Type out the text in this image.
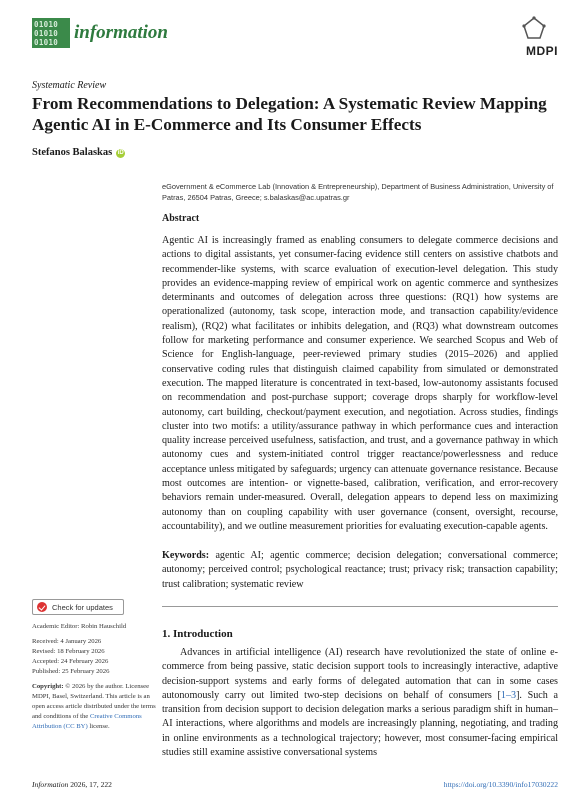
01010
01010
01010 information
MDPI
Systematic Review
From Recommendations to Delegation: A Systematic Review Mapping Agentic AI in E-Commerce and Its Consumer Effects
Stefanos Balaskas iD
eGovernment & eCommerce Lab (Innovation & Entrepreneurship), Department of Business Administration, University of Patras, 26504 Patras, Greece; s.balaskas@ac.upatras.gr
Abstract
Agentic AI is increasingly framed as enabling consumers to delegate commerce decisions and actions to digital assistants, yet consumer-facing evidence still centers on assistive chatbots and recommender-like systems, with scarce evaluation of execution-level delegation. This study provides an evidence-mapping review of empirical work on agentic commerce and synthesizes determinants and outcomes of delegation across three questions: (RQ1) how systems are operationalized (autonomy, task scope, interaction mode, and transaction capability/evidence realism), (RQ2) what facilitates or inhibits delegation, and (RQ3) what downstream outcomes follow for marketing performance and consumer experience. We searched Scopus and Web of Science for English-language, peer-reviewed primary studies (2015–2026) and applied conservative coding rules that distinguish claimed capability from simulated or demonstrated execution. The mapped literature is concentrated in text-based, low-autonomy assistants focused on recommendation and post-purchase support; coverage drops sharply for workflow-level autonomy, cart building, checkout/payment execution, and negotiation. Across studies, findings cluster into two motifs: a utility/assurance pathway in which performance cues and interaction quality increase perceived usefulness, satisfaction, and trust, and a governance pathway in which autonomy cues and system-initiated control trigger reactance/powerlessness and reduce acceptance unless mitigated by safeguards; urgency can attenuate governance resistance. Because most outcomes are intention- or vignette-based, calibration, verification, and error-recovery behaviors remain under-measured. Overall, delegation appears to depend less on maximizing autonomy than on coupling capability with user governance (consent, oversight, recourse, accountability), and we outline measurement priorities for evaluating execution-capable agents.
Keywords: agentic AI; agentic commerce; decision delegation; conversational commerce; autonomy; perceived control; psychological reactance; trust; privacy risk; transaction capability; trust calibration; systematic review
Check for updates
Academic Editor: Robin Hauschild
Received: 4 January 2026
Revised: 18 February 2026
Accepted: 24 February 2026
Published: 25 February 2026
Copyright: © 2026 by the author. Licensee MDPI, Basel, Switzerland. This article is an open access article distributed under the terms and conditions of the Creative Commons Attribution (CC BY) license.
1. Introduction
Advances in artificial intelligence (AI) research have revolutionized the state of online e-commerce from being passive, static decision support tools to increasingly interactive, adaptive decision-support systems and early forms of delegated automation that can in some cases autonomously carry out limited two-step decisions on behalf of consumers [1–3]. Such a transition from decision support to decision delegation marks a serious paradigm shift in human–AI interactions, where algorithms and models are increasingly planning, negotiating, and trading in online environments as a technological trajectory; however, most consumer-facing empirical studies still examine assistive conversational systems
Information 2026, 17, 222	https://doi.org/10.3390/info17030222
